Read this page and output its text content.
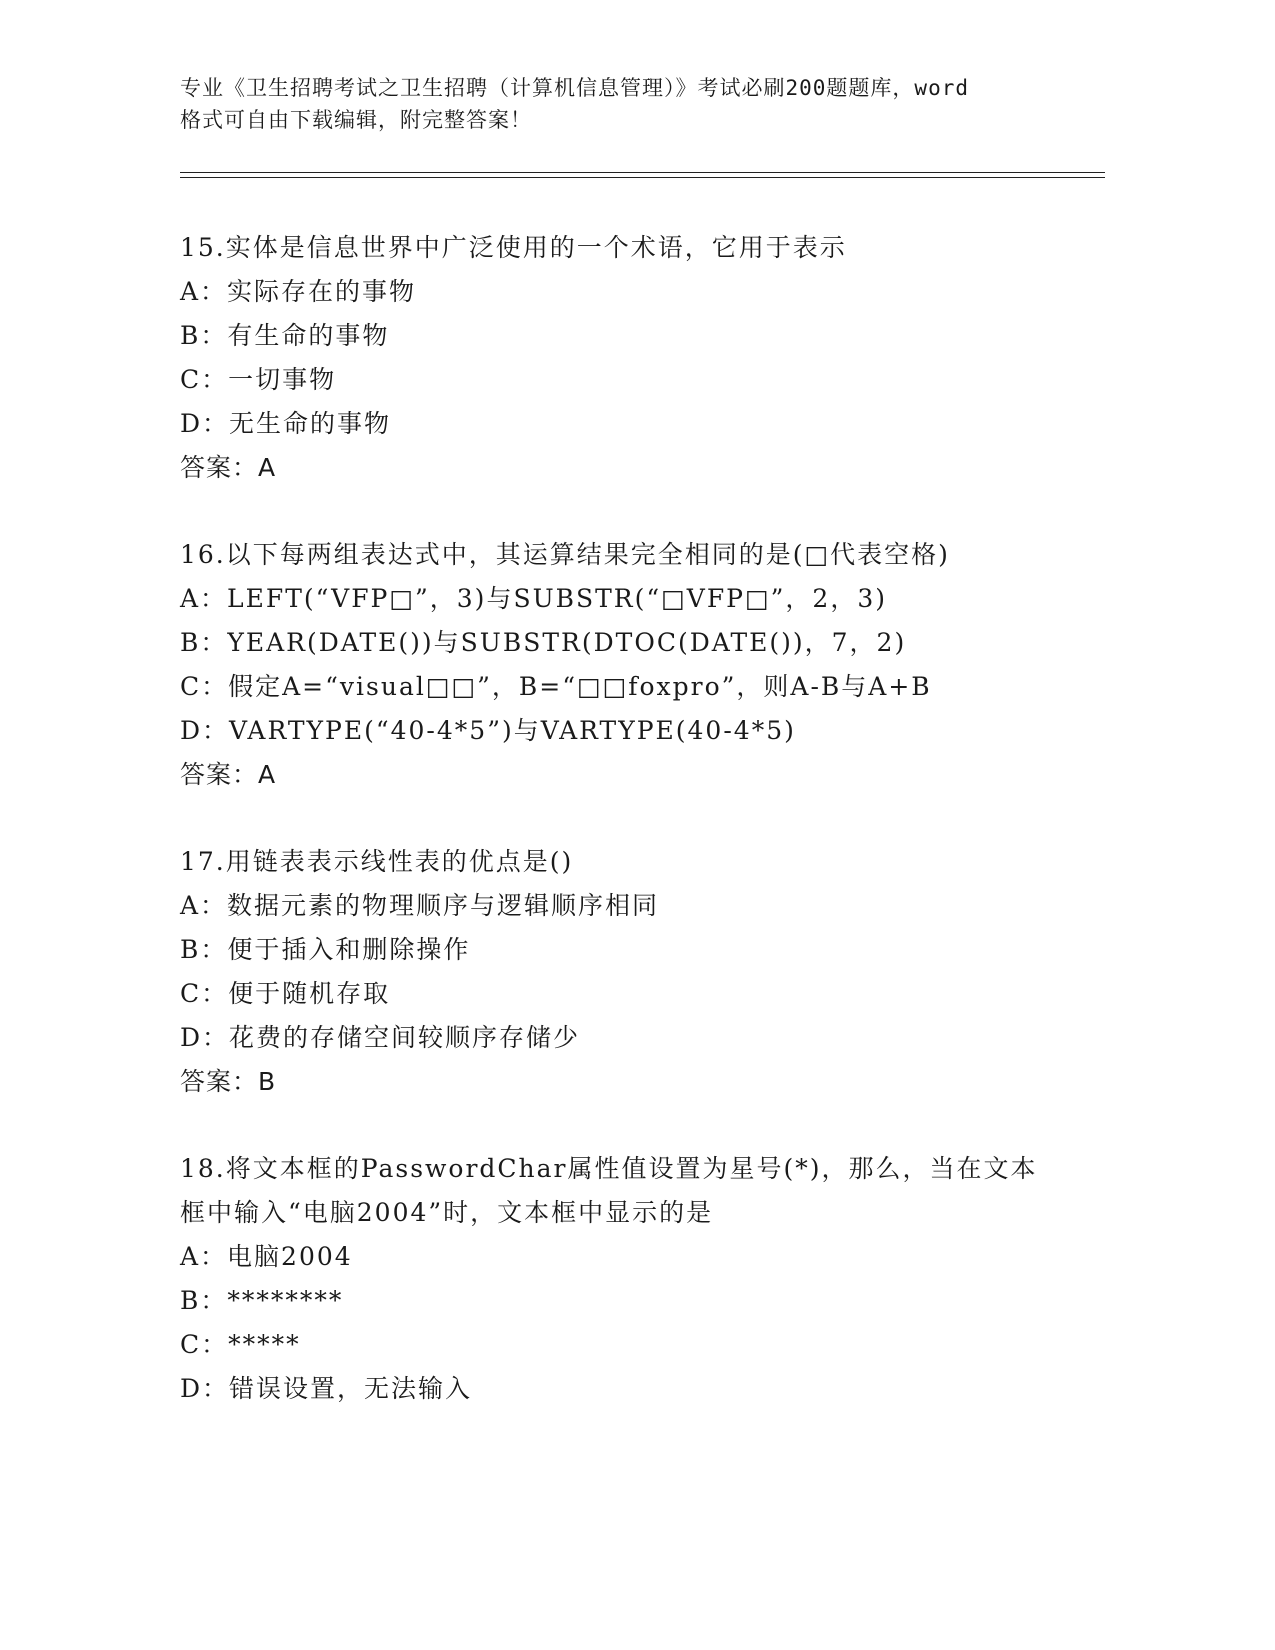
专业《卫生招聘考试之卫生招聘（计算机信息管理）》考试必刷200题题库，word
格式可自由下载编辑，附完整答案！
15.实体是信息世界中广泛使用的一个术语，它用于表示
A：实际存在的事物
B：有生命的事物
C：一切事物
D：无生命的事物
答案：A
16.以下每两组表达式中，其运算结果完全相同的是(□代表空格)
A：LEFT(“VFP□”，3)与SUBSTR(“□VFP□”，2，3)
B：YEAR(DATE())与SUBSTR(DTOC(DATE())，7，2)
C：假定A=“visual□□”，B=“□□foxpro”，则A-B与A+B
D：VARTYPE(“40-4*5”)与VARTYPE(40-4*5)
答案：A
17.用链表表示线性表的优点是()
A：数据元素的物理顺序与逻辑顺序相同
B：便于插入和删除操作
C：便于随机存取
D：花费的存储空间较顺序存储少
答案：B
18.将文本框的PasswordChar属性值设置为星号(*)，那么，当在文本
框中输入“电脑2004”时，文本框中显示的是
A：电脑2004
B：********
C：*****
D：错误设置，无法输入
